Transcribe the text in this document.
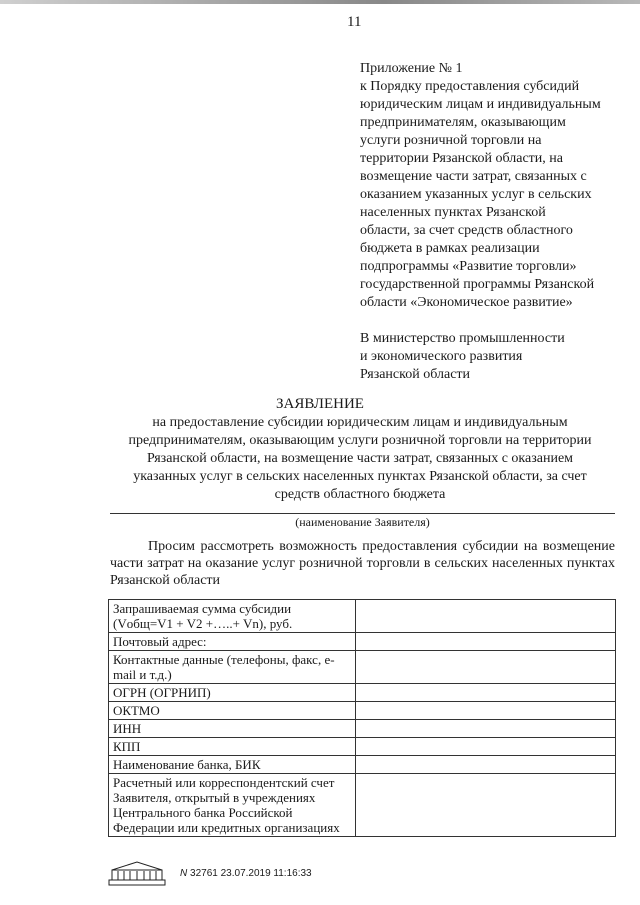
11
Приложение № 1
к Порядку предоставления субсидий
юридическим лицам и индивидуальным
предпринимателям, оказывающим
услуги розничной торговли на
территории Рязанской области, на
возмещение части затрат, связанных с
оказанием указанных услуг в сельских
населенных пунктах Рязанской
области, за счет средств областного
бюджета в рамках реализации
подпрограммы «Развитие торговли»
государственной программы Рязанской
области «Экономическое развитие»
В министерство промышленности
и экономического развития
Рязанской области
ЗАЯВЛЕНИЕ
на предоставление субсидии юридическим лицам и индивидуальным
предпринимателям, оказывающим услуги розничной торговли на территории
Рязанской области, на возмещение части затрат, связанных с оказанием
указанных услуг в сельских населенных пунктах Рязанской области, за счет
средств областного бюджета
(наименование Заявителя)
Просим рассмотреть возможность предоставления субсидии на возмещение части затрат на оказание услуг розничной торговли в сельских населенных пунктах Рязанской области
Запрашиваемая сумма субсидии (Vобщ=V1 + V2 +…..+ Vn), руб.	
Почтовый адрес:	
Контактные данные (телефоны, факс, e-mail и т.д.)	
ОГРН (ОГРНИП)	
ОКТМО	
ИНН	
КПП	
Наименование банка, БИК	
Расчетный или корреспондентский счет Заявителя, открытый в учреждениях Центрального банка Российской Федерации или кредитных организациях	
N 32761 23.07.2019 11:16:33
